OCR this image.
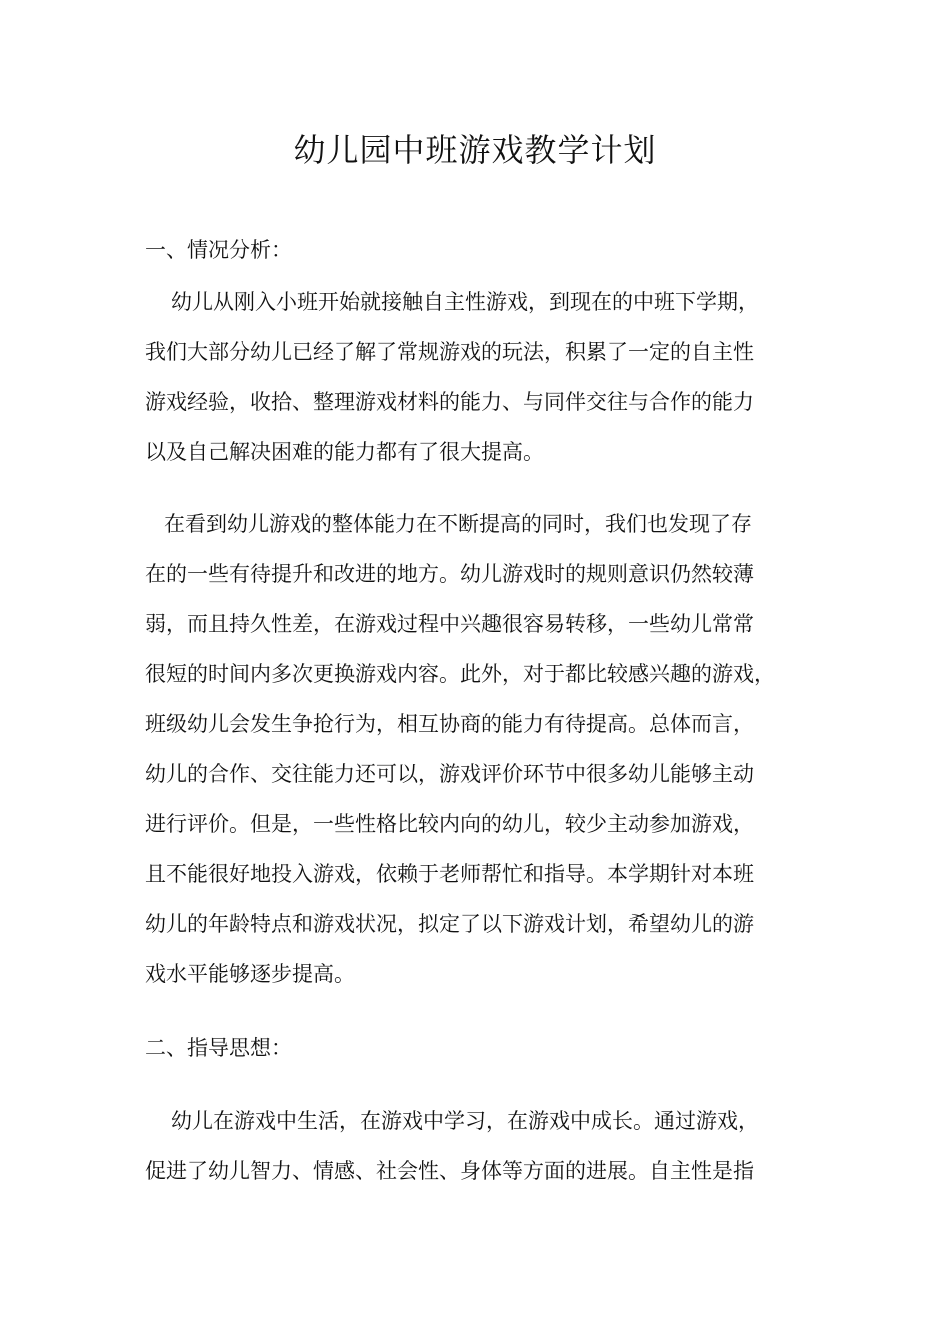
幼儿园中班游戏教学计划
一、情况分析：
幼儿从刚入小班开始就接触自主性游戏，到现在的中班下学期，
我们大部分幼儿已经了解了常规游戏的玩法，积累了一定的自主性
游戏经验，收拾、整理游戏材料的能力、与同伴交往与合作的能力
以及自己解决困难的能力都有了很大提高。
在看到幼儿游戏的整体能力在不断提高的同时，我们也发现了存
在的一些有待提升和改进的地方。幼儿游戏时的规则意识仍然较薄
弱，而且持久性差，在游戏过程中兴趣很容易转移，一些幼儿常常
很短的时间内多次更换游戏内容。此外，对于都比较感兴趣的游戏，
班级幼儿会发生争抢行为，相互协商的能力有待提高。总体而言，
幼儿的合作、交往能力还可以，游戏评价环节中很多幼儿能够主动
进行评价。但是，一些性格比较内向的幼儿，较少主动参加游戏，
且不能很好地投入游戏，依赖于老师帮忙和指导。本学期针对本班
幼儿的年龄特点和游戏状况，拟定了以下游戏计划，希望幼儿的游
戏水平能够逐步提高。
二、指导思想：
幼儿在游戏中生活，在游戏中学习，在游戏中成长。通过游戏，
促进了幼儿智力、情感、社会性、身体等方面的进展。自主性是指
